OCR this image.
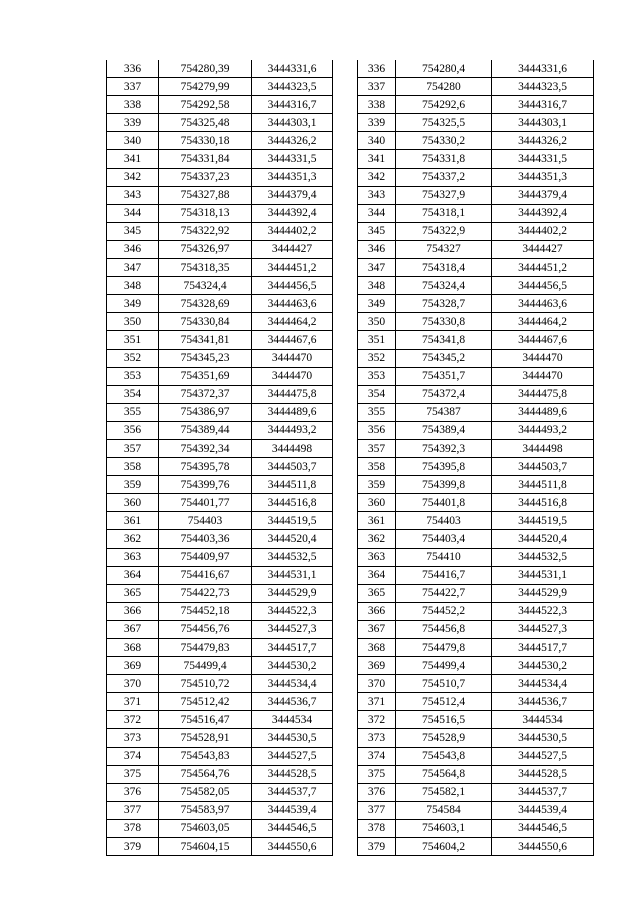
336	754280,39	3444331,6
337	754279,99	3444323,5
338	754292,58	3444316,7
339	754325,48	3444303,1
340	754330,18	3444326,2
341	754331,84	3444331,5
342	754337,23	3444351,3
343	754327,88	3444379,4
344	754318,13	3444392,4
345	754322,92	3444402,2
346	754326,97	3444427
347	754318,35	3444451,2
348	754324,4	3444456,5
349	754328,69	3444463,6
350	754330,84	3444464,2
351	754341,81	3444467,6
352	754345,23	3444470
353	754351,69	3444470
354	754372,37	3444475,8
355	754386,97	3444489,6
356	754389,44	3444493,2
357	754392,34	3444498
358	754395,78	3444503,7
359	754399,76	3444511,8
360	754401,77	3444516,8
361	754403	3444519,5
362	754403,36	3444520,4
363	754409,97	3444532,5
364	754416,67	3444531,1
365	754422,73	3444529,9
366	754452,18	3444522,3
367	754456,76	3444527,3
368	754479,83	3444517,7
369	754499,4	3444530,2
370	754510,72	3444534,4
371	754512,42	3444536,7
372	754516,47	3444534
373	754528,91	3444530,5
374	754543,83	3444527,5
375	754564,76	3444528,5
376	754582,05	3444537,7
377	754583,97	3444539,4
378	754603,05	3444546,5
379	754604,15	3444550,6
336	754280,4	3444331,6
337	754280	3444323,5
338	754292,6	3444316,7
339	754325,5	3444303,1
340	754330,2	3444326,2
341	754331,8	3444331,5
342	754337,2	3444351,3
343	754327,9	3444379,4
344	754318,1	3444392,4
345	754322,9	3444402,2
346	754327	3444427
347	754318,4	3444451,2
348	754324,4	3444456,5
349	754328,7	3444463,6
350	754330,8	3444464,2
351	754341,8	3444467,6
352	754345,2	3444470
353	754351,7	3444470
354	754372,4	3444475,8
355	754387	3444489,6
356	754389,4	3444493,2
357	754392,3	3444498
358	754395,8	3444503,7
359	754399,8	3444511,8
360	754401,8	3444516,8
361	754403	3444519,5
362	754403,4	3444520,4
363	754410	3444532,5
364	754416,7	3444531,1
365	754422,7	3444529,9
366	754452,2	3444522,3
367	754456,8	3444527,3
368	754479,8	3444517,7
369	754499,4	3444530,2
370	754510,7	3444534,4
371	754512,4	3444536,7
372	754516,5	3444534
373	754528,9	3444530,5
374	754543,8	3444527,5
375	754564,8	3444528,5
376	754582,1	3444537,7
377	754584	3444539,4
378	754603,1	3444546,5
379	754604,2	3444550,6
